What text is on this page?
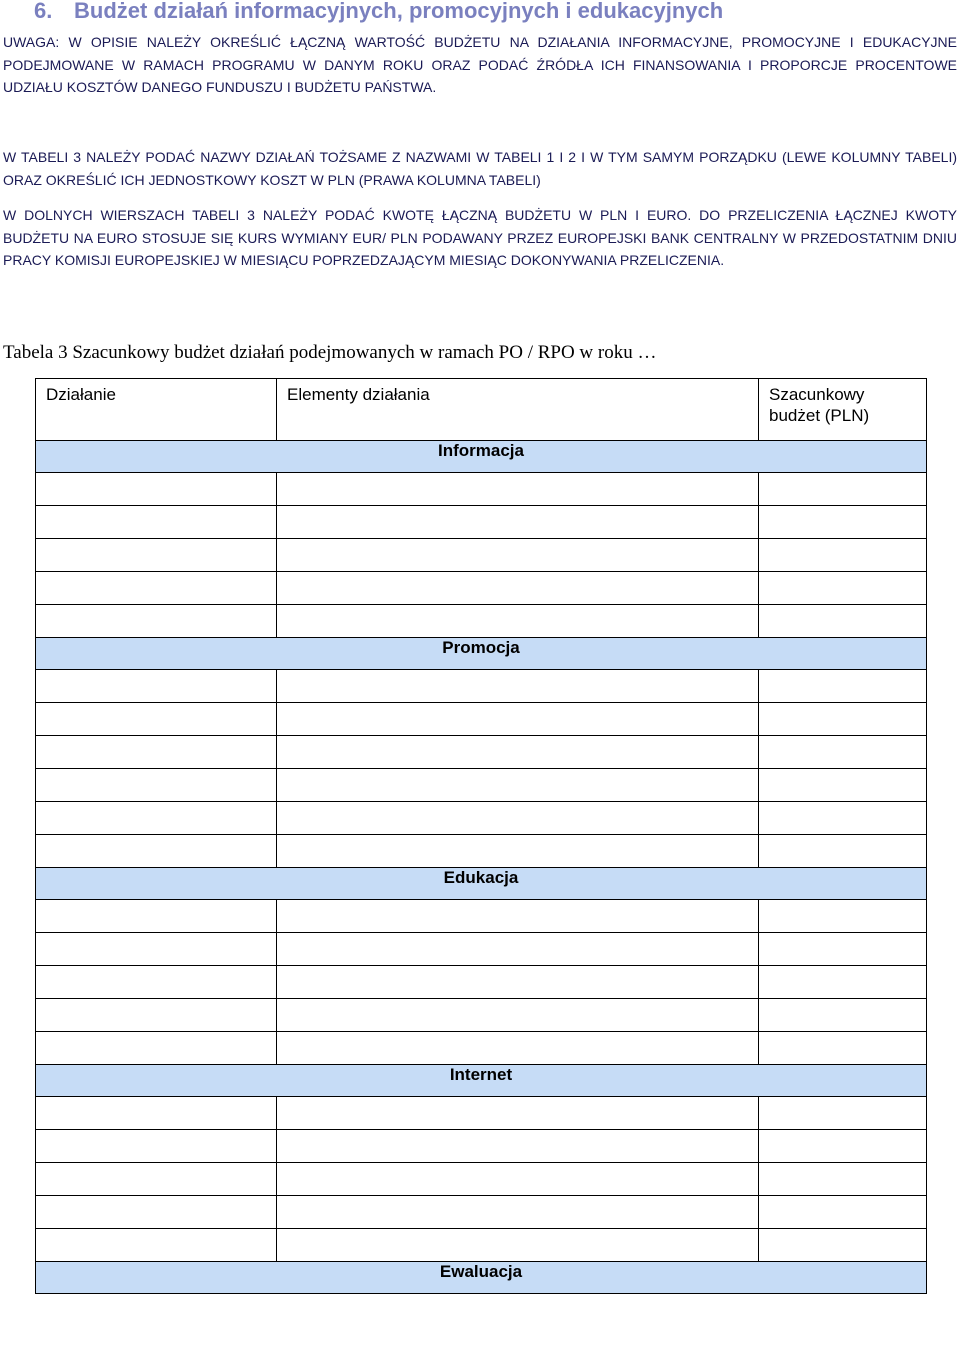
6. Budżet działań informacyjnych, promocyjnych i edukacyjnych

UWAGA: W OPISIE NALEŻY OKREŚLIĆ ŁĄCZNĄ WARTOŚĆ BUDŻETU NA DZIAŁANIA INFORMACYJNE, PROMOCYJNE I EDUKACYJNE PODEJMOWANE W RAMACH PROGRAMU W DANYM ROKU ORAZ PODAĆ ŹRÓDŁA ICH FINANSOWANIA I PROPORCJE PROCENTOWE UDZIAŁU KOSZTÓW DANEGO FUNDUSZU I BUDŻETU PAŃSTWA.

W TABELI 3 NALEŻY PODAĆ NAZWY DZIAŁAŃ TOŻSAME Z NAZWAMI W TABELI 1 I 2 I W TYM SAMYM PORZĄDKU (LEWE KOLUMNY TABELI) ORAZ OKREŚLIĆ ICH JEDNOSTKOWY KOSZT W PLN (PRAWA KOLUMNA TABELI)

W DOLNYCH WIERSZACH TABELI 3 NALEŻY PODAĆ KWOTĘ ŁĄCZNĄ BUDŻETU W PLN I EURO. DO PRZELICZENIA ŁĄCZNEJ KWOTY BUDŻETU NA EURO STOSUJE SIĘ KURS WYMIANY EUR/ PLN PODAWANY PRZEZ EUROPEJSKI BANK CENTRALNY W PRZEDOSTATNIM DNIU PRACY KOMISJI EUROPEJSKIEJ W MIESIĄCU POPRZEDZAJĄCYM MIESIĄC DOKONYWANIA PRZELICZENIA.

Tabela 3 Szacunkowy budżet działań podejmowanych w ramach PO / RPO w roku …

Działanie	Elementy działania	Szacunkowy budżet (PLN)

Informacja		

Promocja		

Edukacja		

Internet		

Ewaluacja		
